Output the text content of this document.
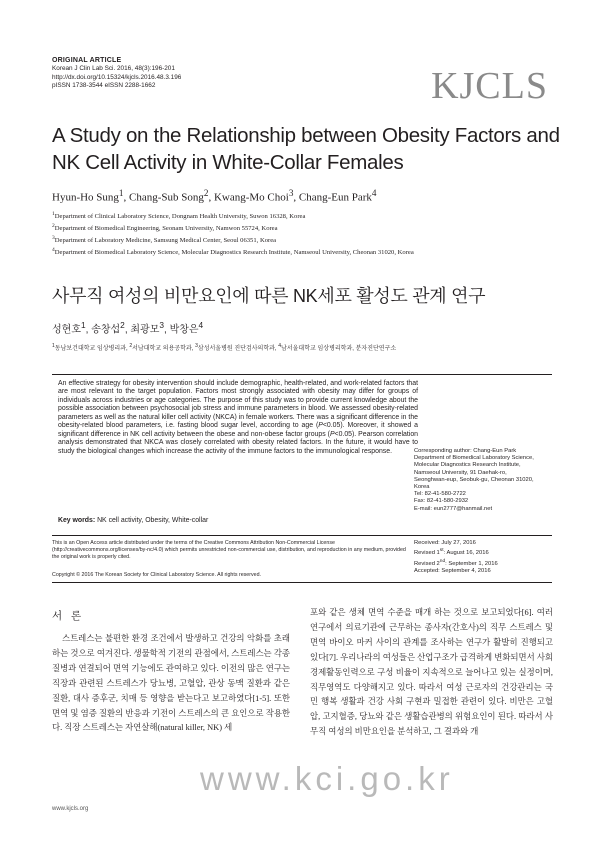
ORIGINAL ARTICLE
Korean J Clin Lab Sci. 2016, 48(3):196-201
http://dx.doi.org/10.15324/kjcls.2016.48.3.196
pISSN 1738-3544 eISSN 2288-1662	KJCLS
A Study on the Relationship between Obesity Factors and NK Cell Activity in White-Collar Females
Hyun-Ho Sung$^1$, Chang-Sub Song$^2$, Kwang-Mo Choi$^3$, Chang-Eun Park$^4$
$^1$Department of Clinical Laboratory Science, Dongnam Health University, Suwon 16328, Korea
$^2$Department of Biomedical Engineering, Seonam University, Namwon 55724, Korea
$^3$Department of Laboratory Medicine, Samsung Medical Center, Seoul 06351, Korea
$^4$Department of Biomedical Laboratory Science, Molecular Diagnostics Research Institute, Namseoul University, Cheonan 31020, Korea
사무직 여성의 비만요인에 따른 NK세포 활성도 관계 연구
성현호$^1$, 송창섭$^2$, 최광모$^3$, 박창은$^4$
$^1$동남보건대학교 임상병리과, $^2$서남대학교 의용공학과, $^3$삼성서울병원 진단검사의학과, $^4$남서울대학교 임상병리학과, 분자진단연구소
An effective strategy for obesity intervention should include demographic, health-related, and work-related factors that are most relevant to the target population. Factors most strongly associated with obesity may differ for groups of individuals across industries or age categories. The purpose of this study was to provide current knowledge about the possible association between psychosocial job stress and immune parameters in blood. We assessed obesity-related parameters as well as the natural killer cell activity (NKCA) in female workers. There was a significant difference in the obesity-related blood parameters, i.e. fasting blood sugar level, according to age (P<0.05). Moreover, it showed a significant difference in NK cell activity between the obese and non-obese factor groups (P<0.05). Pearson correlation analysis demonstrated that NKCA was closely correlated with obesity related factors. In the future, it would have to study the biological changes which increase the activity of the immune factors to the immunological response.
Key words: NK cell activity, Obesity, White-collar
Corresponding author: Chang-Eun Park
Department of Biomedical Laboratory Science,
Molecular Diagnostics Research Institute,
Namseoul University, 91 Daehak-ro,
Seonghwan-eup, Seobuk-gu, Cheonan 31020,
Korea
Tel: 82-41-580-2722
Fax: 82-41-580-2932
E-mail: eun2777@hanmail.net
This is an Open Access article distributed under the terms of the Creative Commons Attribution Non-Commercial License (http://creativecommons.org/licenses/by-nc/4.0) which permits unrestricted non-commercial use, distribution, and reproduction in any medium, provided the original work is properly cited.
Copyright © 2016 The Korean Society for Clinical Laboratory Science. All rights reserved.
Received: July 27, 2016
Revised 1st: August 16, 2016
Revised 2nd: September 1, 2016
Accepted: September 4, 2016
서 론
스트레스는 불편한 환경 조건에서 발생하고 건강의 악화를 초래하는 것으로 여겨진다. 생물학적 기전의 관점에서, 스트레스는 각종 질병과 연결되어 면역 기능에도 관여하고 있다. 이전의 많은 연구는 직장과 관련된 스트레스가 당뇨병, 고혈압, 관상 동맥 질환과 같은 질환, 대사 증후군, 치매 등 영향을 받는다고 보고하였다[1-5]. 또한 면역 및 염증 질환의 반응과 기전이 스트레스의 큰 요인으로 작용한다. 직장 스트레스는 자연살해(natural killer, NK) 세
포와 같은 생체 면역 수준을 매개 하는 것으로 보고되었다[6]. 여러 연구에서 의료기관에 근무하는 종사자(간호사)의 직무 스트레스 및 면역 바이오 마커 사이의 관계를 조사하는 연구가 활발히 진행되고 있다[7]. 우리나라의 여성들은 산업구조가 급격하게 변화되면서 사회경제활동인력으로 구성 비율이 지속적으로 늘어나고 있는 실정이며, 직무영역도 다양해지고 있다. 따라서 여성 근로자의 건강관리는 국민 행복 생활과 건강 사회 구현과 밀접한 관련이 있다. 비만은 고혈압, 고지혈증, 당뇨와 같은 생활습관병의 위험요인이 된다. 따라서 사무직 여성의 비만요인을 분석하고, 그 결과와 개
www.kci.go.kr
www.kjcls.org
